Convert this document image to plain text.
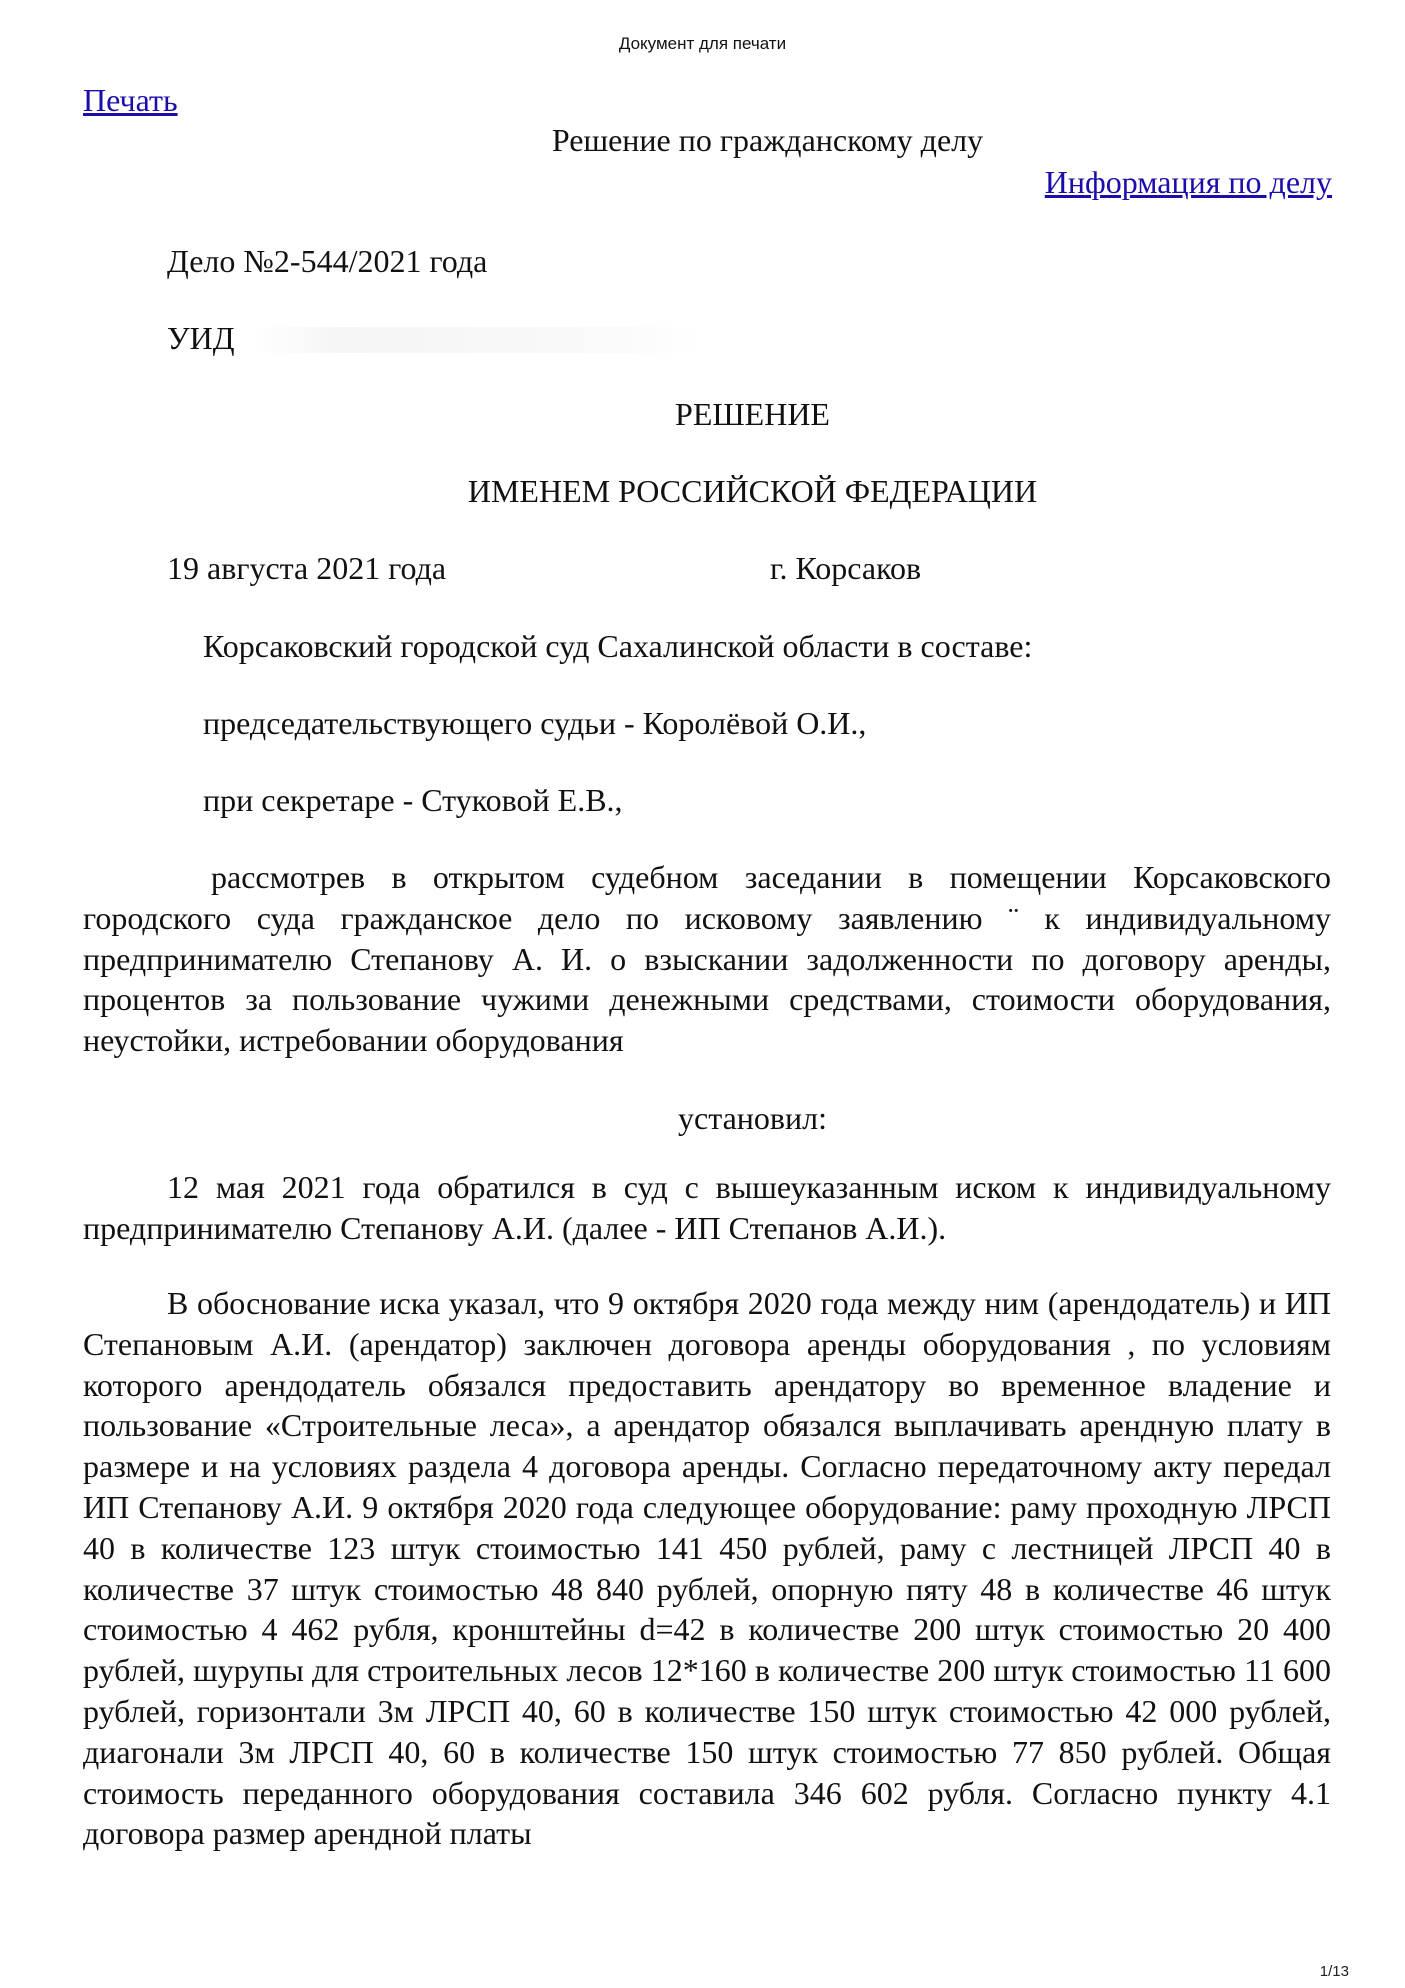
Документ для печати
Печать
Решение по гражданскому делу
Информация по делу
Дело №2-544/2021 года
УИД
РЕШЕНИЕ
ИМЕНЕМ РОССИЙСКОЙ ФЕДЕРАЦИИ
19 августа 2021 года	г. Корсаков
Корсаковский городской суд Сахалинской области в составе:
председательствующего судьи - Королёвой О.И.,
при секретаре - Стуковой Е.В.,
рассмотрев в открытом судебном заседании в помещении Корсаковского городского суда гражданское дело по исковому заявлению ¨ к индивидуальному предпринимателю Степанову А. И. о взыскании задолженности по договору аренды, процентов за пользование чужими денежными средствами, стоимости оборудования, неустойки, истребовании оборудования
установил:
12 мая 2021 года обратился в суд с вышеуказанным иском к индивидуальному предпринимателю Степанову А.И. (далее - ИП Степанов А.И.).
В обоснование иска указал, что 9 октября 2020 года между ним (арендодатель) и ИП Степановым А.И. (арендатор) заключен договора аренды оборудования , по условиям которого арендодатель обязался предоставить арендатору во временное владение и пользование «Строительные леса», а арендатор обязался выплачивать арендную плату в размере и на условиях раздела 4 договора аренды. Согласно передаточному акту передал ИП Степанову А.И. 9 октября 2020 года следующее оборудование: раму проходную ЛРСП 40 в количестве 123 штук стоимостью 141 450 рублей, раму с лестницей ЛРСП 40 в количестве 37 штук стоимостью 48 840 рублей, опорную пяту 48 в количестве 46 штук стоимостью 4 462 рубля, кронштейны d=42 в количестве 200 штук стоимостью 20 400 рублей, шурупы для строительных лесов 12*160 в количестве 200 штук стоимостью 11 600 рублей, горизонтали 3м ЛРСП 40, 60 в количестве 150 штук стоимостью 42 000 рублей, диагонали 3м ЛРСП 40, 60 в количестве 150 штук стоимостью 77 850 рублей. Общая стоимость переданного оборудования составила 346 602 рубля. Согласно пункту 4.1 договора размер арендной платы
1/13
